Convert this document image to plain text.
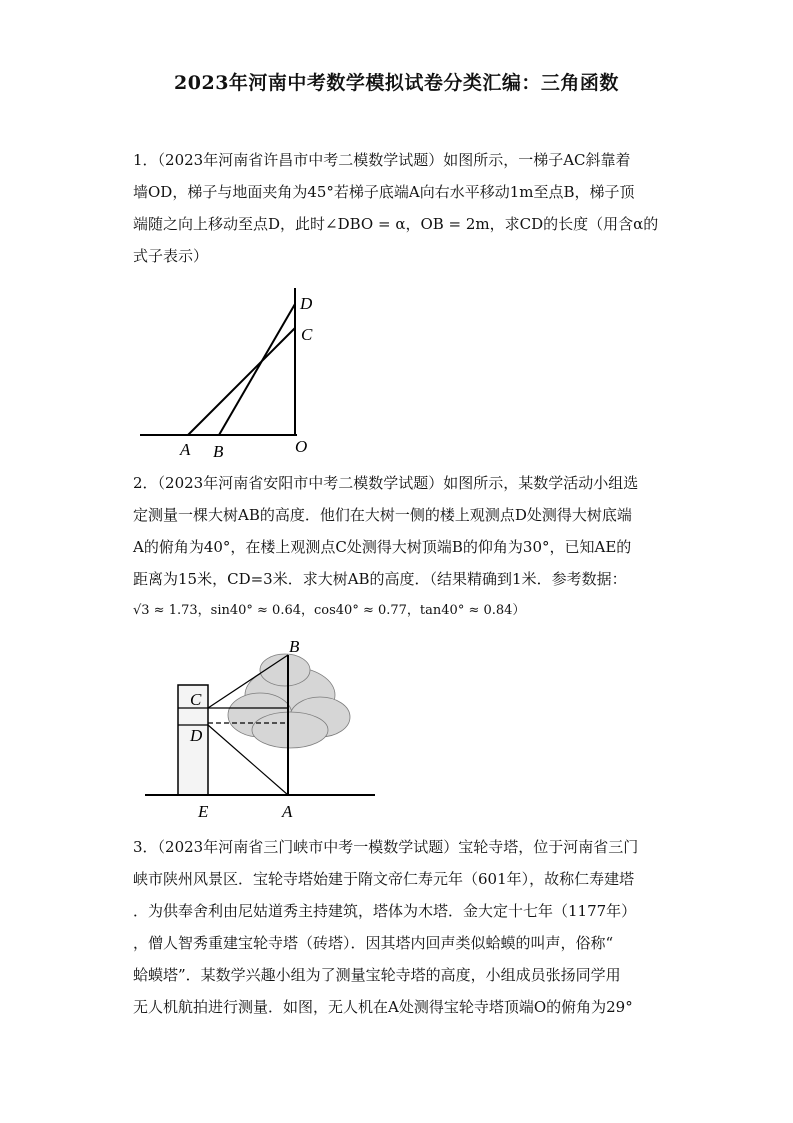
2023年河南中考数学模拟试卷分类汇编：三角函数

1．（2023年河南省许昌市中考二模数学试题）如图所示，一梯子AC斜靠着

墙OD，梯子与地面夹角为45°若梯子底端A向右水平移动1m至点B，梯子顶

端随之向上移动至点D，此时∠DBO = α，OB = 2m，求CD的长度（用含α的

式子表示）

A B	O
C
D

2．（2023年河南省安阳市中考二模数学试题）如图所示，某数学活动小组选

定测量一棵大树AB的高度．他们在大树一侧的楼上观测点D处测得大树底端

A的俯角为40°，在楼上观测点C处测得大树顶端B的仰角为30°，已知AE的

距离为15米，CD=3米．求大树AB的高度．（结果精确到1米．参考数据：

√3 ≈ 1.73，sin40° ≈ 0.64，cos40° ≈ 0.77，tan40° ≈ 0.84）

B
C
D
E	A

3．（2023年河南省三门峡市中考一模数学试题）宝轮寺塔，位于河南省三门

峡市陕州风景区．宝轮寺塔始建于隋文帝仁寿元年（601年），故称仁寿建塔

．为供奉舍利由尼姑道秀主持建筑，塔体为木塔．金大定十七年（1177年）

，僧人智秀重建宝轮寺塔（砖塔）．因其塔内回声类似蛤蟆的叫声，俗称“

蛤蟆塔”．某数学兴趣小组为了测量宝轮寺塔的高度，小组成员张扬同学用

无人机航拍进行测量．如图，无人机在A处测得宝轮寺塔顶端O的俯角为29°
